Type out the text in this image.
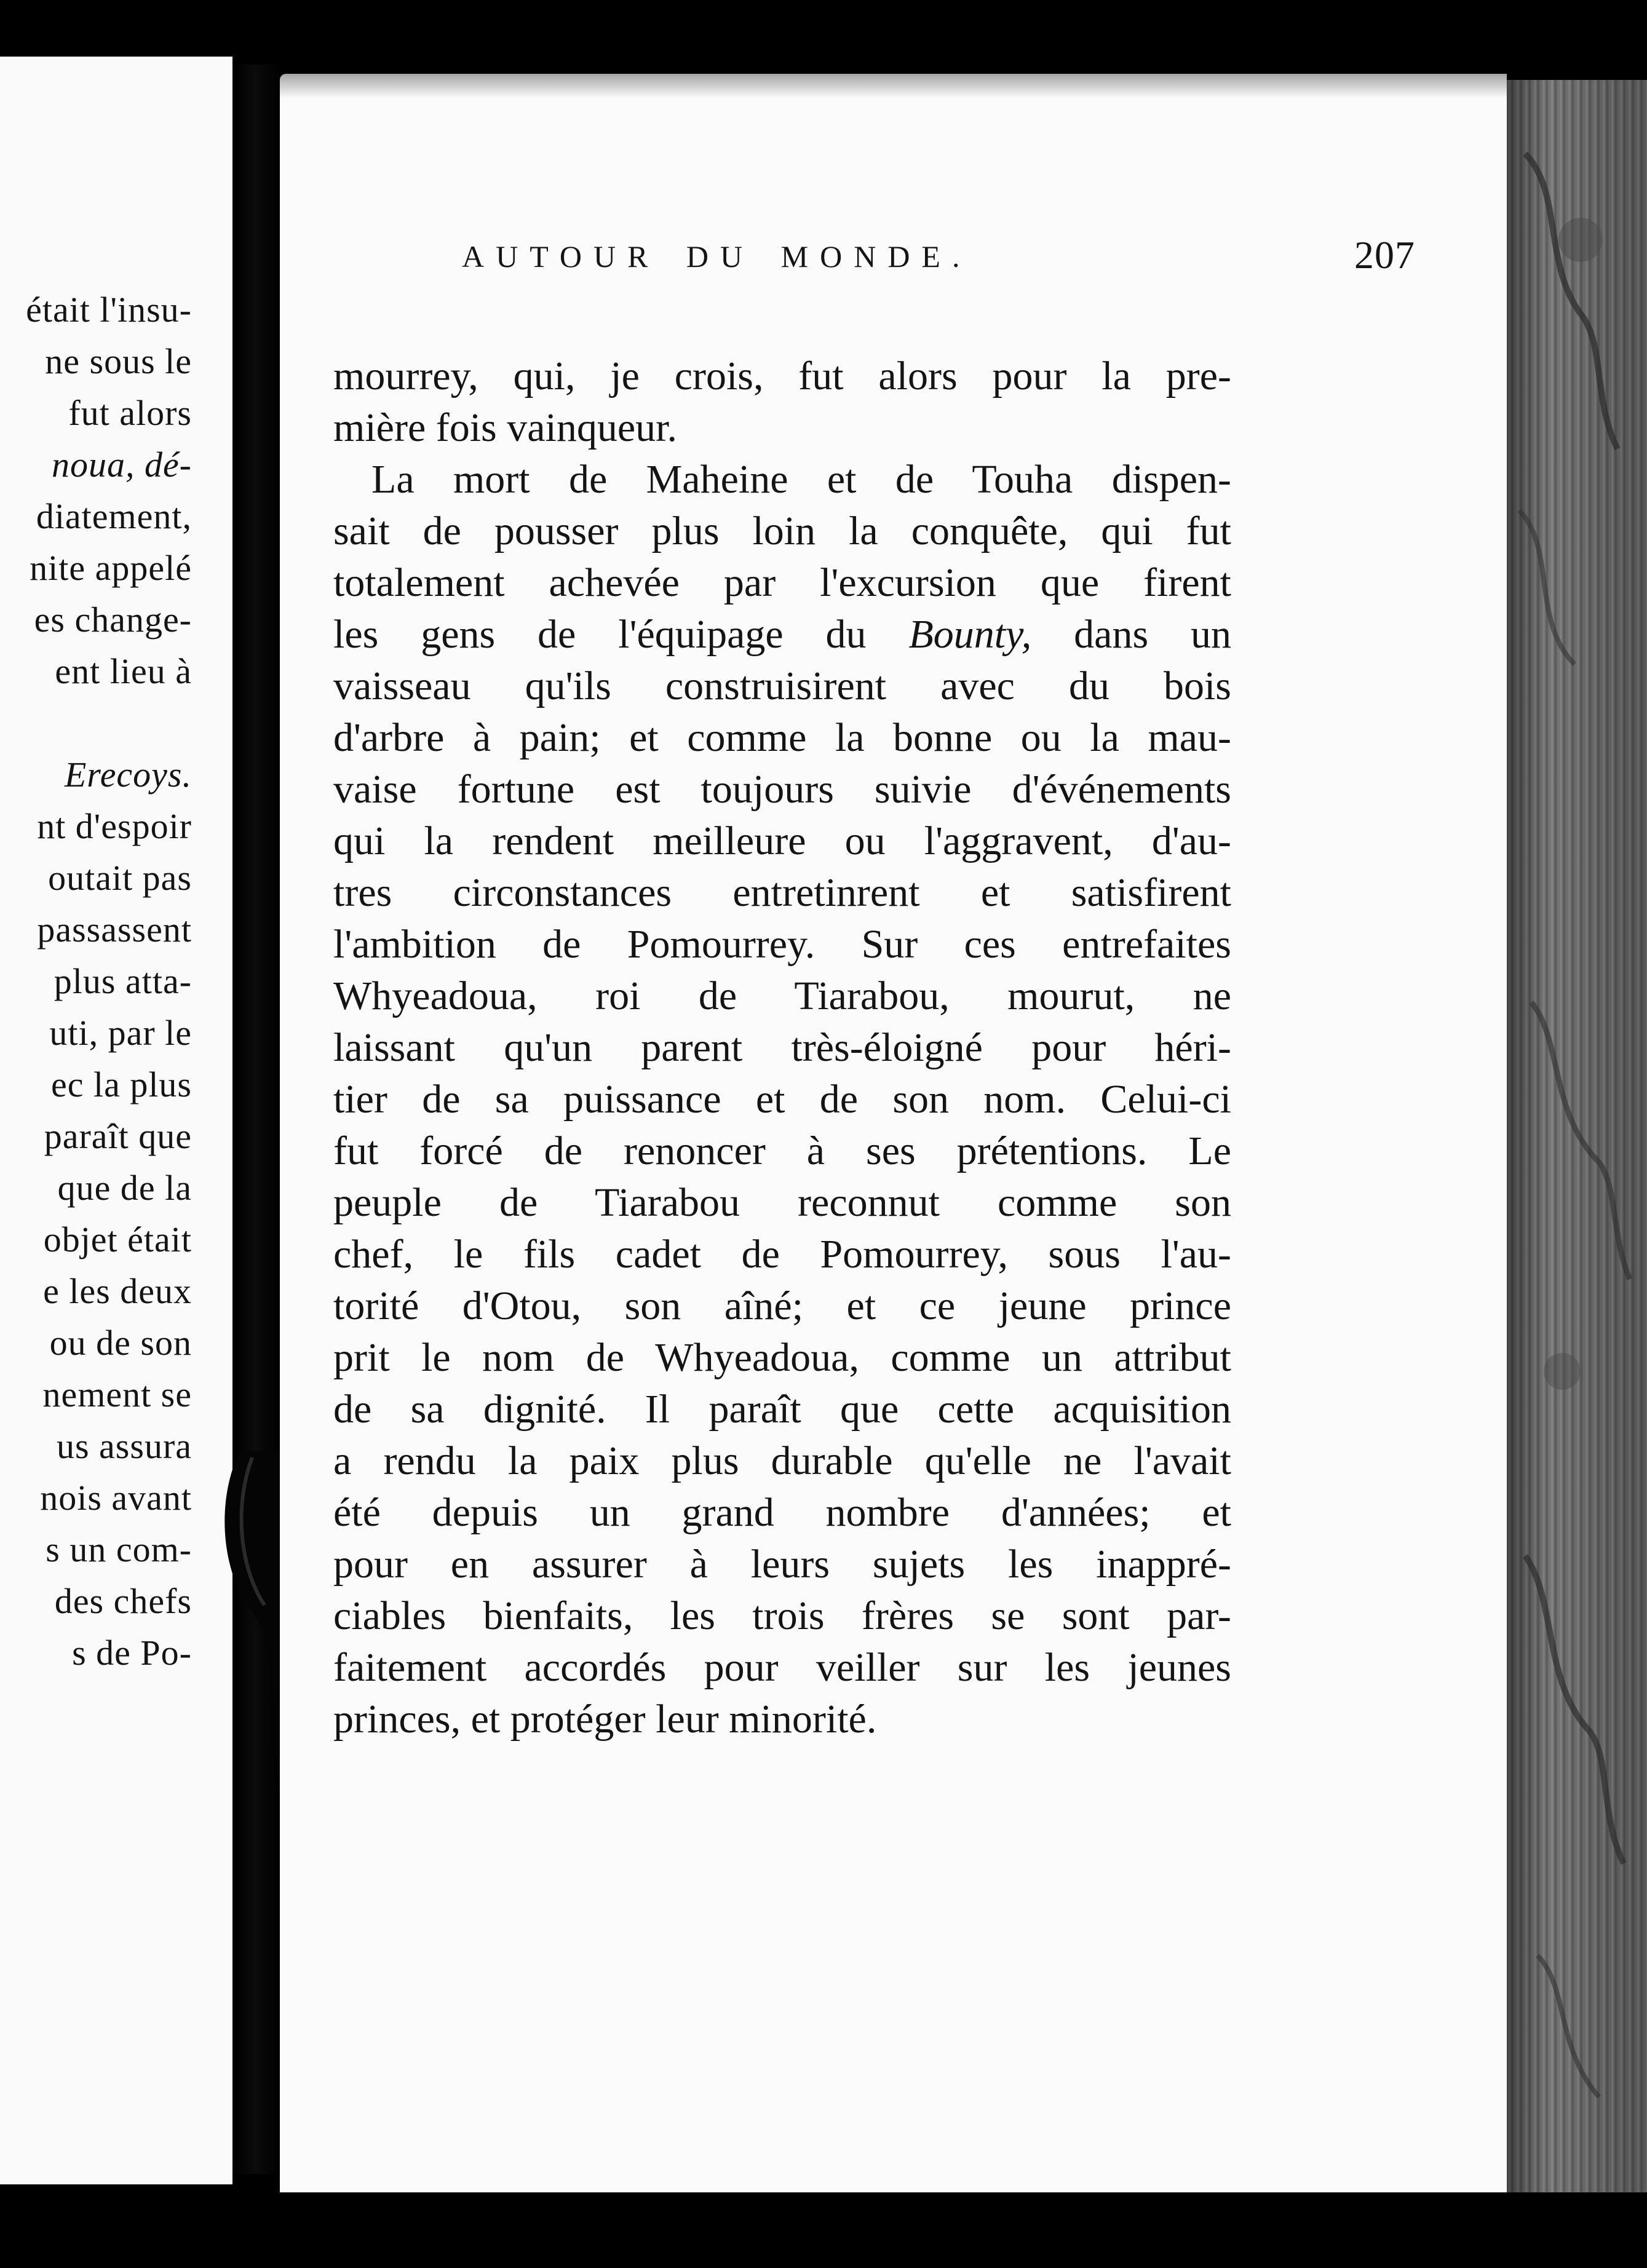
était l'insu-
ne sous le
fut alors
noua, dé-
diatement,
nite appelé
es change-
ent lieu à
Erecoys.
nt d'espoir
outait pas
passassent
plus atta-
uti, par le
ec la plus
paraît que
que de la
objet était
e les deux
ou de son
nement se
us assura
nois avant
s un com-
des chefs
s de Po-
AUTOUR DU MONDE.	207
mourrey, qui, je crois, fut alors pour la pre-
mière fois vainqueur.
La mort de Maheine et de Touha dispen-
sait de pousser plus loin la conquête, qui fut
totalement achevée par l'excursion que firent
les gens de l'équipage du Bounty, dans un
vaisseau qu'ils construisirent avec du bois
d'arbre à pain; et comme la bonne ou la mau-
vaise fortune est toujours suivie d'événements
qui la rendent meilleure ou l'aggravent, d'au-
tres circonstances entretinrent et satisfirent
l'ambition de Pomourrey. Sur ces entrefaites
Whyeadoua, roi de Tiarabou, mourut, ne
laissant qu'un parent très-éloigné pour héri-
tier de sa puissance et de son nom. Celui-ci
fut forcé de renoncer à ses prétentions. Le
peuple de Tiarabou reconnut comme son
chef, le fils cadet de Pomourrey, sous l'au-
torité d'Otou, son aîné; et ce jeune prince
prit le nom de Whyeadoua, comme un attribut
de sa dignité. Il paraît que cette acquisition
a rendu la paix plus durable qu'elle ne l'avait
été depuis un grand nombre d'années; et
pour en assurer à leurs sujets les inappré-
ciables bienfaits, les trois frères se sont par-
faitement accordés pour veiller sur les jeunes
princes, et protéger leur minorité.
